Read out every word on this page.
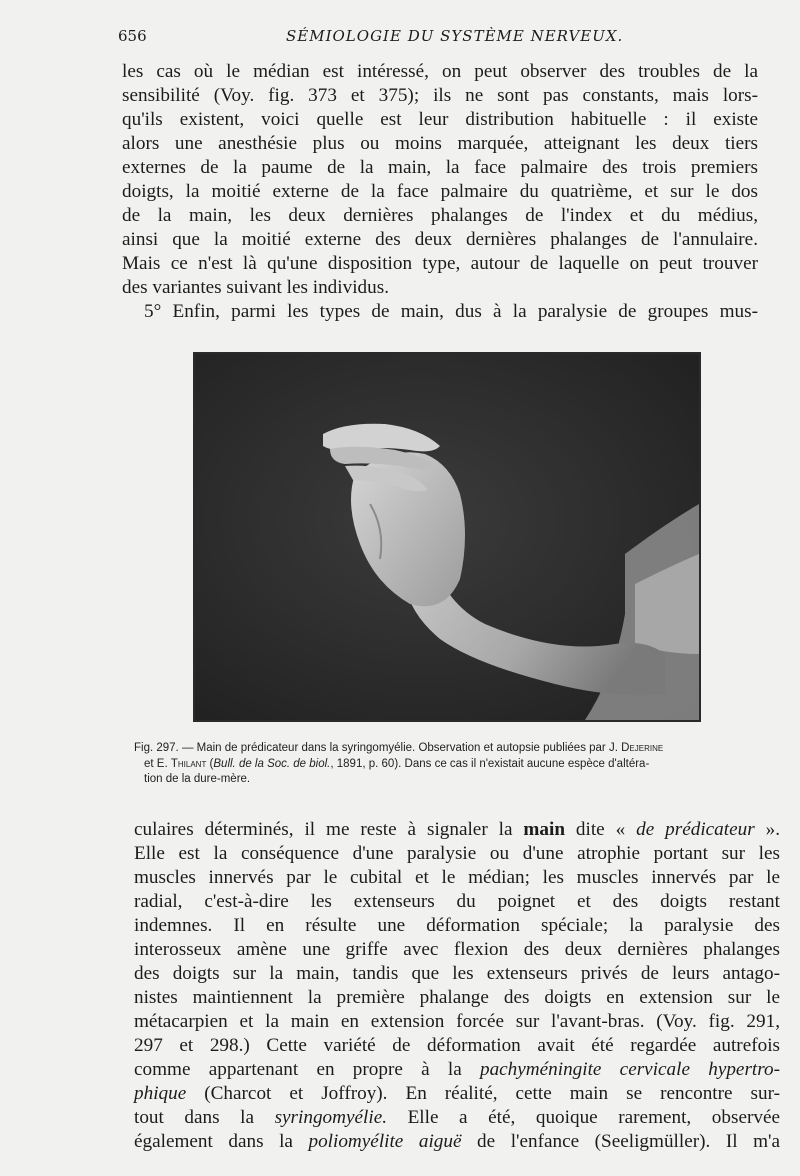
656	SÉMIOLOGIE DU SYSTÈME NERVEUX.
les cas où le médian est intéressé, on peut observer des troubles de la
sensibilité (Voy. fig. 373 et 375); ils ne sont pas constants, mais lors-
qu'ils existent, voici quelle est leur distribution habituelle : il existe
alors une anesthésie plus ou moins marquée, atteignant les deux tiers
externes de la paume de la main, la face palmaire des trois premiers
doigts, la moitié externe de la face palmaire du quatrième, et sur le dos
de la main, les deux dernières phalanges de l'index et du médius,
ainsi que la moitié externe des deux dernières phalanges de l'annulaire.
Mais ce n'est là qu'une disposition type, autour de laquelle on peut trouver
des variantes suivant les individus.
5° Enfin, parmi les types de main, dus à la paralysie de groupes mus-
Fig. 297. — Main de prédicateur dans la syringomyélie. Observation et autopsie publiées par J. Dejerine
et E. Thilant (Bull. de la Soc. de biol., 1891, p. 60). Dans ce cas il n'existait aucune espèce d'altéra-
tion de la dure-mère.
culaires déterminés, il me reste à signaler la main dite « de prédicateur ».
Elle est la conséquence d'une paralysie ou d'une atrophie portant sur les
muscles innervés par le cubital et le médian; les muscles innervés par le
radial, c'est-à-dire les extenseurs du poignet et des doigts restant
indemnes. Il en résulte une déformation spéciale; la paralysie des
interosseux amène une griffe avec flexion des deux dernières phalanges
des doigts sur la main, tandis que les extenseurs privés de leurs antago-
nistes maintiennent la première phalange des doigts en extension sur le
métacarpien et la main en extension forcée sur l'avant-bras. (Voy. fig. 291,
297 et 298.) Cette variété de déformation avait été regardée autrefois
comme appartenant en propre à la pachyméningite cervicale hypertro-
phique (Charcot et Joffroy). En réalité, cette main se rencontre sur-
tout dans la syringomyélie. Elle a été, quoique rarement, observée
également dans la poliomyélite aiguë de l'enfance (Seeligmüller). Il m'a
